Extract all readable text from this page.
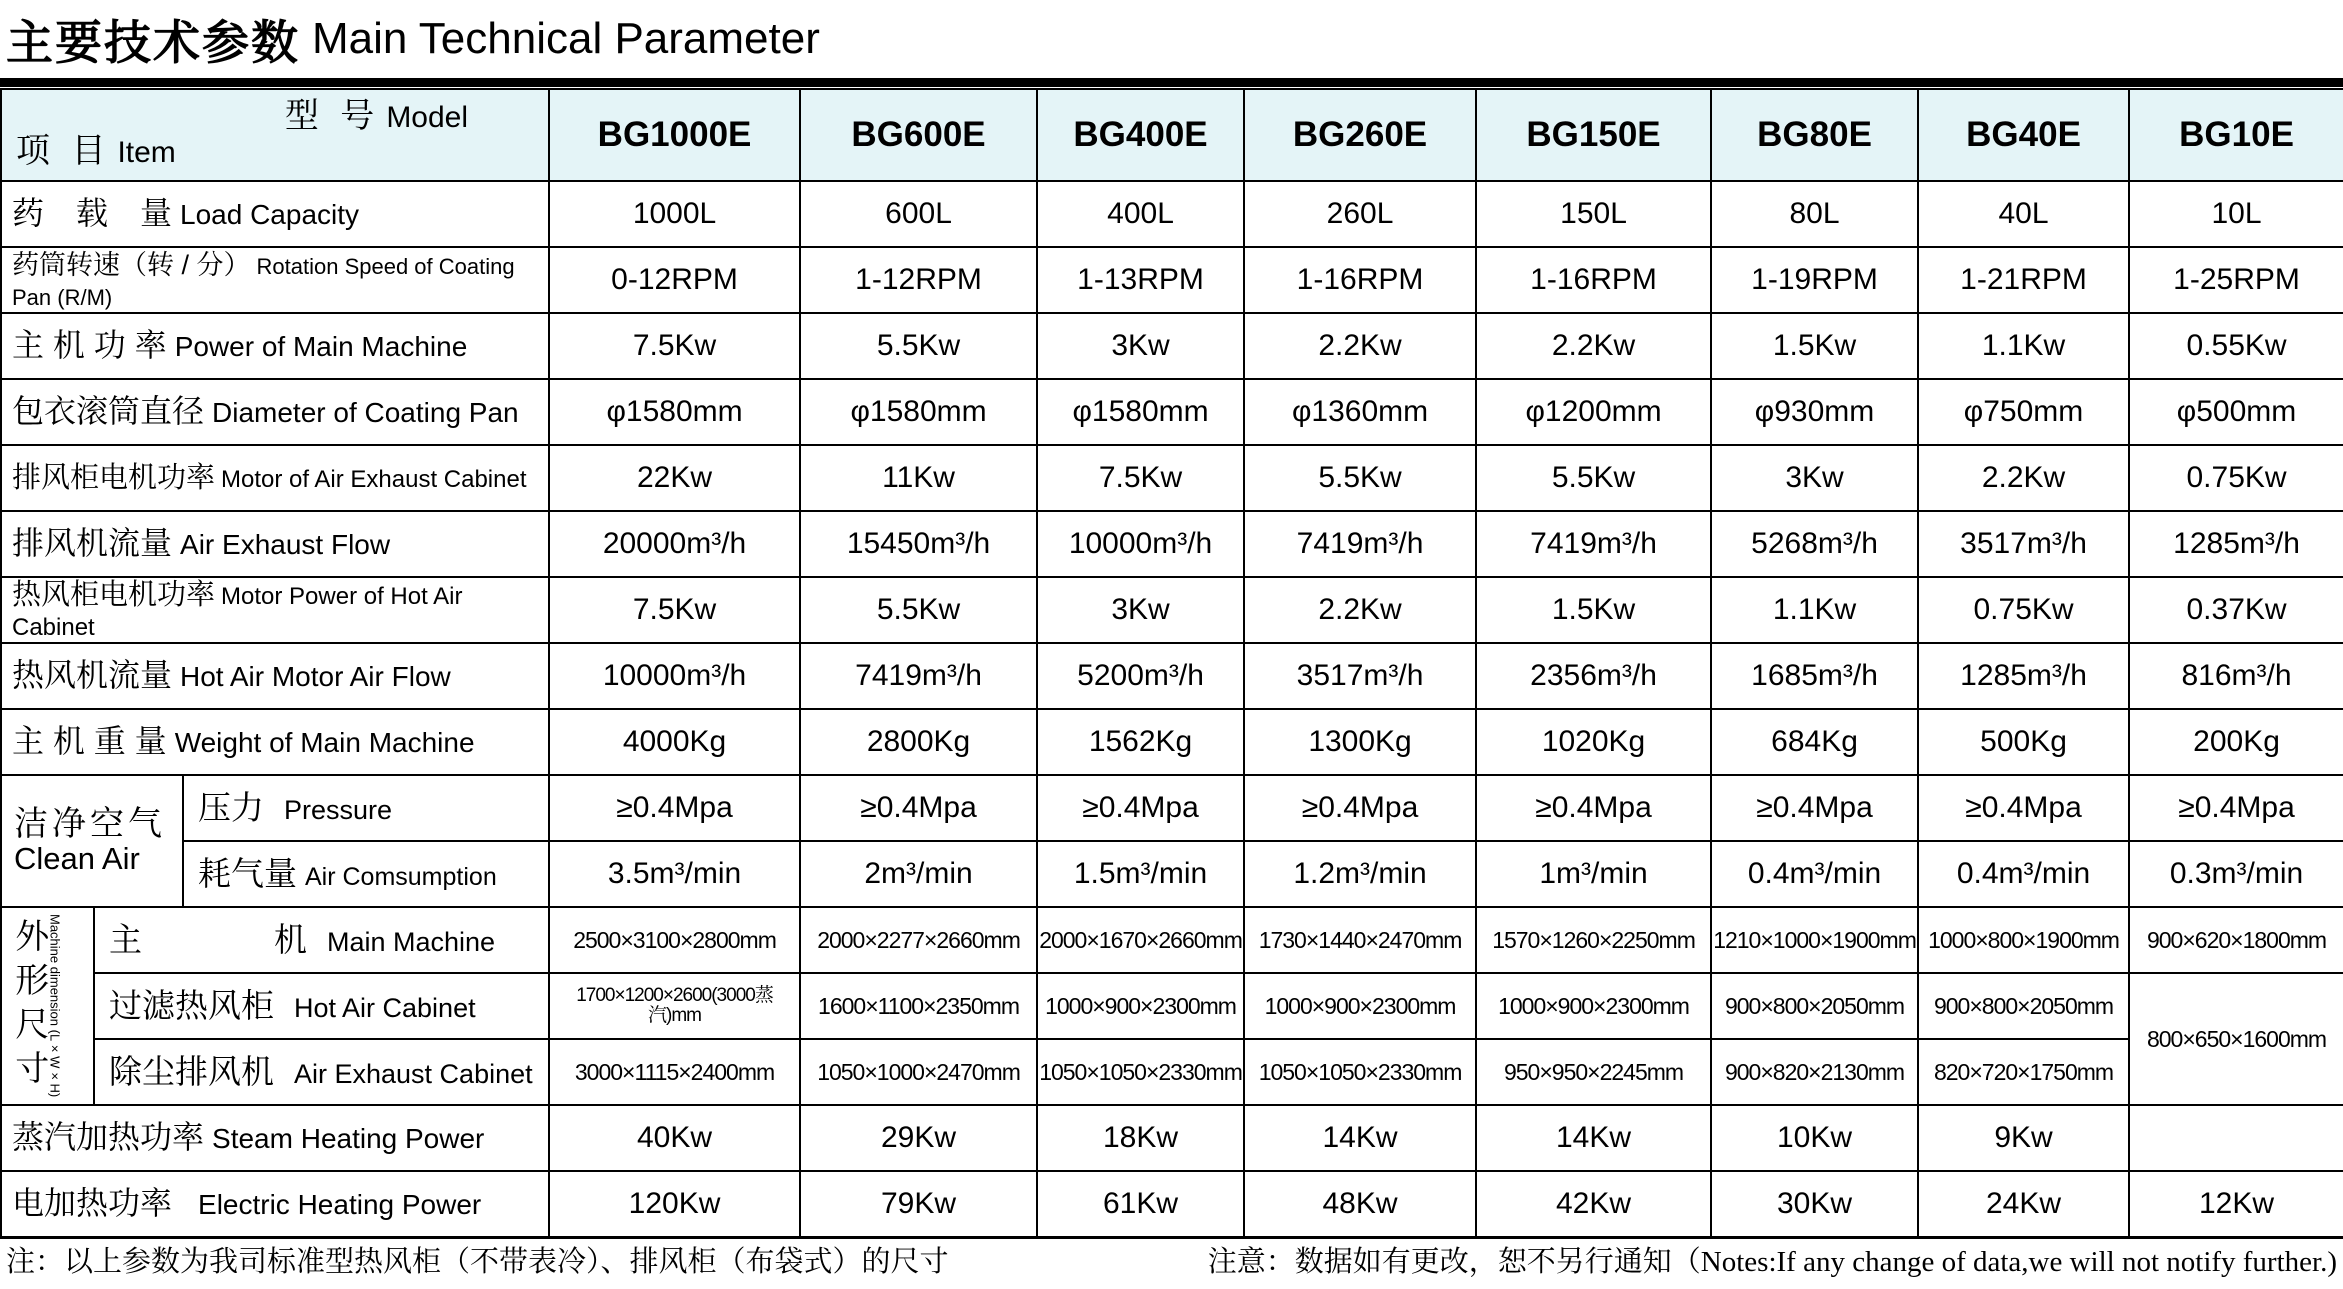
主要技术参数 Main Technical Parameter
型 号 Model
项 目 Item			BG1000E	BG600E	BG400E	BG260E	BG150E	BG80E	BG40E	BG10E
药　载　量 Load Capacity			1000L	600L	400L	260L	150L	80L	40L	10L
药筒转速（转 / 分） Rotation Speed of Coating Pan (R/M)			0-12RPM	1-12RPM	1-13RPM	1-16RPM	1-16RPM	1-19RPM	1-21RPM	1-25RPM
主 机 功 率 Power of Main Machine			7.5Kw	5.5Kw	3Kw	2.2Kw	2.2Kw	1.5Kw	1.1Kw	0.55Kw
包衣滚筒直径 Diameter of Coating Pan			φ1580mm	φ1580mm	φ1580mm	φ1360mm	φ1200mm	φ930mm	φ750mm	φ500mm
排风柜电机功率 Motor of Air Exhaust Cabinet			22Kw	11Kw	7.5Kw	5.5Kw	5.5Kw	3Kw	2.2Kw	0.75Kw
排风机流量 Air Exhaust Flow			20000m³/h	15450m³/h	10000m³/h	7419m³/h	7419m³/h	5268m³/h	3517m³/h	1285m³/h
热风柜电机功率 Motor Power of Hot Air Cabinet			7.5Kw	5.5Kw	3Kw	2.2Kw	1.5Kw	1.1Kw	0.75Kw	0.37Kw
热风机流量 Hot Air Motor Air Flow			10000m³/h	7419m³/h	5200m³/h	3517m³/h	2356m³/h	1685m³/h	1285m³/h	816m³/h
主 机 重 量 Weight of Main Machine			4000Kg	2800Kg	1562Kg	1300Kg	1020Kg	684Kg	500Kg	200Kg

洁净空气
Clean Air		压力 Pressure	≥0.4Mpa	≥0.4Mpa	≥0.4Mpa	≥0.4Mpa	≥0.4Mpa	≥0.4Mpa	≥0.4Mpa	≥0.4Mpa
		耗气量 Air Comsumption	3.5m³/min	2m³/min	1.5m³/min	1.2m³/min	1m³/min	0.4m³/min	0.4m³/min	0.3m³/min

外形尺寸 Machine dimension (L×W×H)	主　　　　机 Main Machine		2500×3100×2800mm	2000×2277×2660mm	2000×1670×2660mm	1730×1440×2470mm	1570×1260×2250mm	1210×1000×1900mm	1000×800×1900mm	900×620×1800mm
	过滤热风柜 Hot Air Cabinet		1700×1200×2600(3000蒸汽)mm	1600×1100×2350mm	1000×900×2300mm	1000×900×2300mm	1000×900×2300mm	900×800×2050mm	900×800×2050mm	800×650×1600mm
	除尘排风机 Air Exhaust Cabinet		3000×1115×2400mm	1050×1000×2470mm	1050×1050×2330mm	1050×1050×2330mm	950×950×2245mm	900×820×2130mm	820×720×1750mm	
蒸汽加热功率 Steam Heating Power			40Kw	29Kw	18Kw	14Kw	14Kw	10Kw	9Kw	
电加热功率 Electric Heating Power			120Kw	79Kw	61Kw	48Kw	42Kw	30Kw	24Kw	12Kw
注：以上参数为我司标准型热风柜（不带表冷）、排风柜（布袋式）的尺寸	注意：数据如有更改，恕不另行通知（Notes:If any change of data,we will not notify further.)
